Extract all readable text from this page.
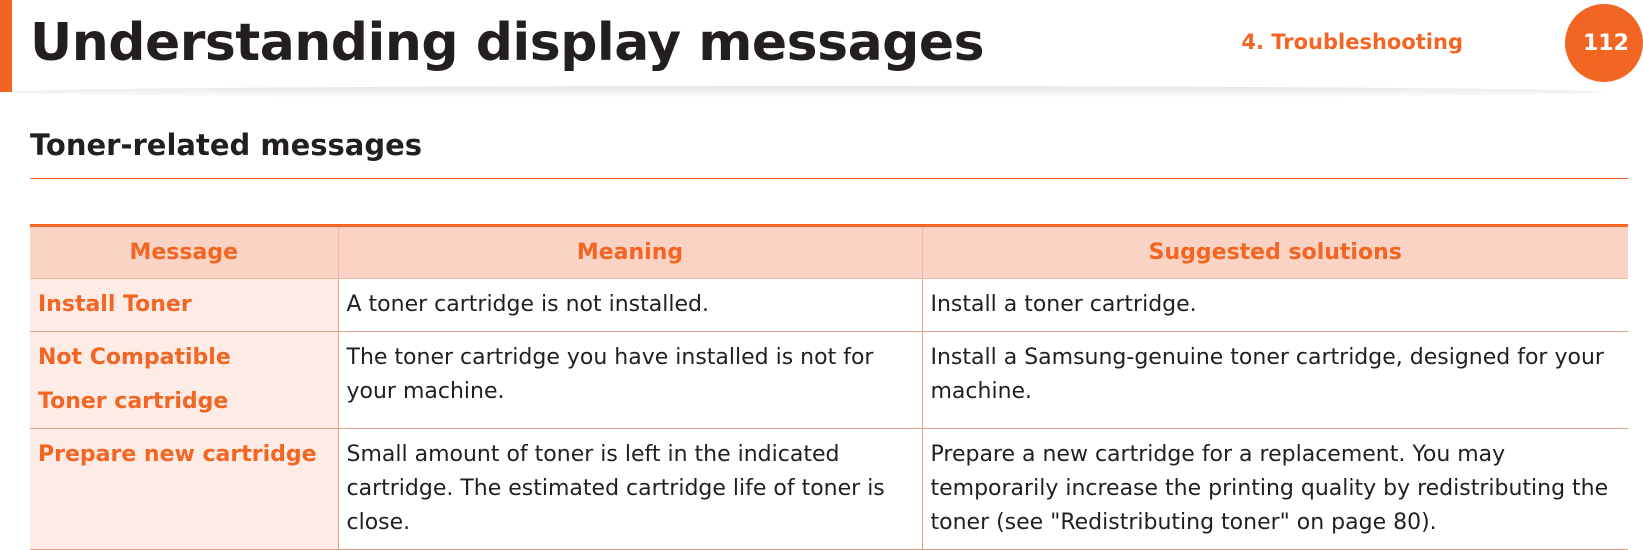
Understanding display messages	4. Troubleshooting	112
Toner-related messages
Message	Meaning	Suggested solutions

Install Toner	A toner cartridge is not installed.	Install a toner cartridge.

Not Compatible
Toner cartridge	The toner cartridge you have installed is not for your machine.	Install a Samsung-genuine toner cartridge, designed for your machine.

Prepare new cartridge	Small amount of toner is left in the indicated cartridge. The estimated cartridge life of toner is close.	Prepare a new cartridge for a replacement. You may temporarily increase the printing quality by redistributing the toner (see "Redistributing toner" on page 80).
